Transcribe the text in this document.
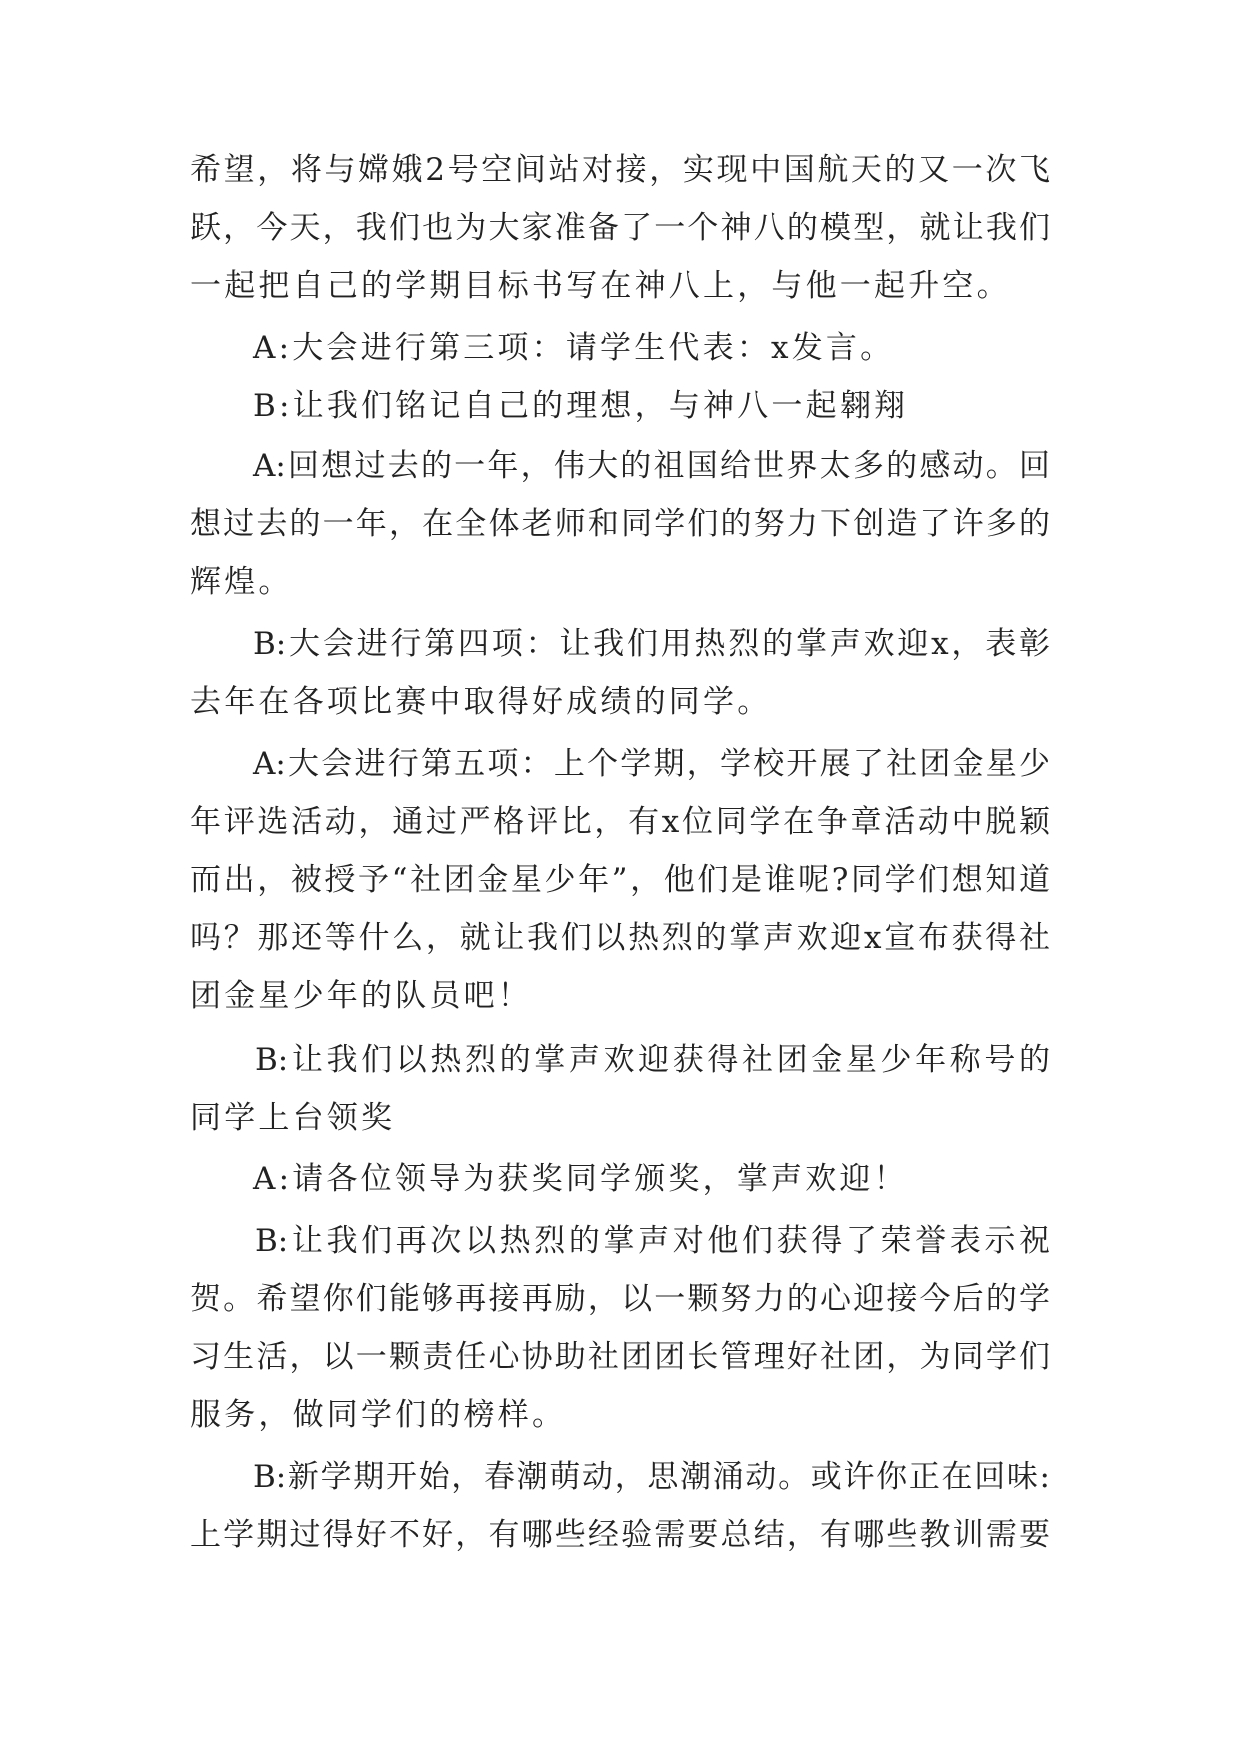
希望，将与嫦娥2号空间站对接，实现中国航天的又一次飞
跃，今天，我们也为大家准备了一个神八的模型，就让我们
一起把自己的学期目标书写在神八上，与他一起升空。
A:大会进行第三项：请学生代表：x发言。
B:让我们铭记自己的理想，与神八一起翱翔
A:回想过去的一年，伟大的祖国给世界太多的感动。回
想过去的一年，在全体老师和同学们的努力下创造了许多的
辉煌。
B:大会进行第四项：让我们用热烈的掌声欢迎x，表彰
去年在各项比赛中取得好成绩的同学。
A:大会进行第五项：上个学期，学校开展了社团金星少
年评选活动，通过严格评比，有x位同学在争章活动中脱颖
而出，被授予“社团金星少年”，他们是谁呢?同学们想知道
吗？那还等什么，就让我们以热烈的掌声欢迎x宣布获得社
团金星少年的队员吧！
B:让我们以热烈的掌声欢迎获得社团金星少年称号的
同学上台领奖
A:请各位领导为获奖同学颁奖，掌声欢迎！
B:让我们再次以热烈的掌声对他们获得了荣誉表示祝
贺。希望你们能够再接再励，以一颗努力的心迎接今后的学
习生活，以一颗责任心协助社团团长管理好社团，为同学们
服务，做同学们的榜样。
B:新学期开始，春潮萌动，思潮涌动。或许你正在回味:
上学期过得好不好，有哪些经验需要总结，有哪些教训需要
